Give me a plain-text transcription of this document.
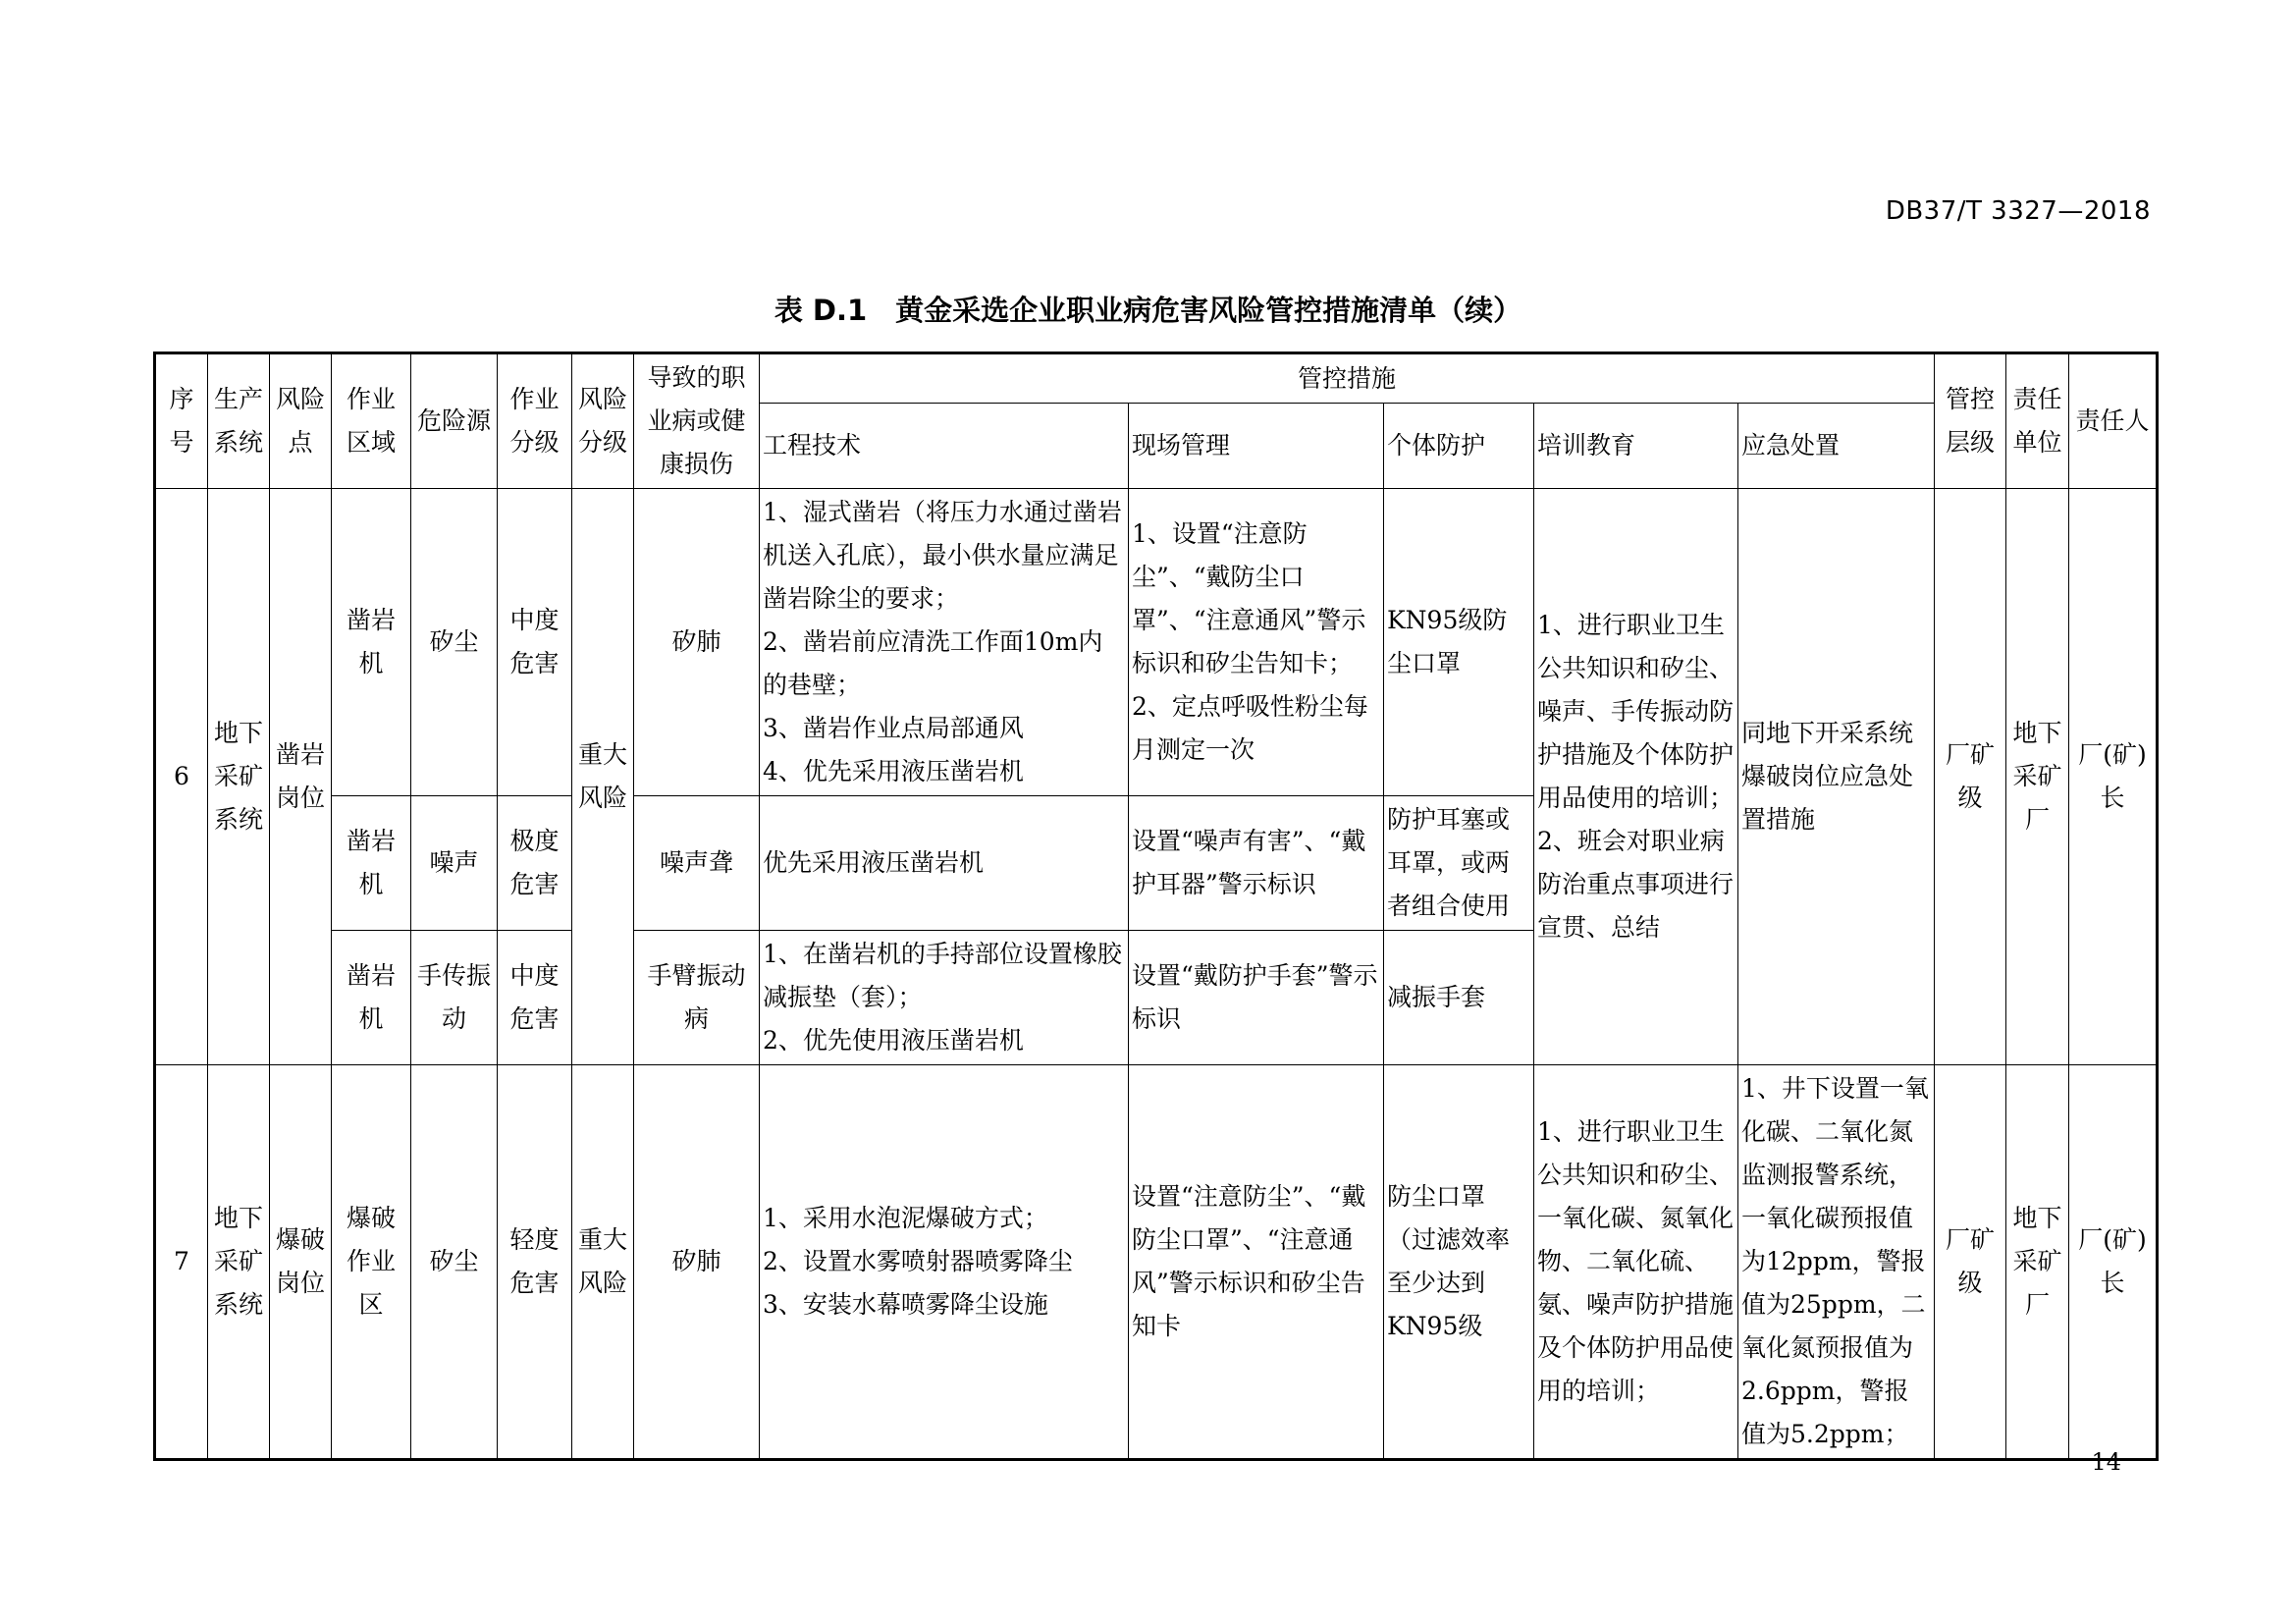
DB37/T 3327—2018
表 D.1　黄金采选企业职业病危害风险管控措施清单（续）
序号	生产系统	风险点	作业区域	危险源	作业分级	风险分级	导致的职业病或健康损伤	管控措施					管控层级	责任单位	责任人
								工程技术	现场管理	个体防护	培训教育	应急处置			
6	地下采矿系统	凿岩岗位	凿岩机	矽尘	中度危害	重大风险	矽肺	1、湿式凿岩（将压力水通过凿岩机送入孔底），最小供水量应满足凿岩除尘的要求；
2、凿岩前应清洗工作面10m内的巷壁；
3、凿岩作业点局部通风
4、优先采用液压凿岩机	1、设置“注意防尘”、“戴防尘口罩”、“注意通风”警示标识和矽尘告知卡；
2、定点呼吸性粉尘每月测定一次	KN95级防尘口罩	1、进行职业卫生公共知识和矽尘、噪声、手传振动防护措施及个体防护用品使用的培训；
2、班会对职业病防治重点事项进行宣贯、总结	同地下开采系统爆破岗位应急处置措施	厂矿级	地下采矿厂	厂(矿)长
			凿岩机	噪声	极度危害		噪声聋	优先采用液压凿岩机	设置“噪声有害”、“戴护耳器”警示标识	防护耳塞或耳罩，或两者组合使用					
			凿岩机	手传振动	中度危害		手臂振动病	1、在凿岩机的手持部位设置橡胶减振垫（套）；
2、优先使用液压凿岩机	设置“戴防护手套”警示标识	减振手套					
7	地下采矿系统	爆破岗位	爆破作业区	矽尘	轻度危害	重大风险	矽肺	1、采用水泡泥爆破方式；
2、设置水雾喷射器喷雾降尘
3、安装水幕喷雾降尘设施	设置“注意防尘”、“戴防尘口罩”、“注意通风”警示标识和矽尘告知卡	防尘口罩（过滤效率至少达到KN95级	1、进行职业卫生公共知识和矽尘、一氧化碳、氮氧化物、二氧化硫、氨、噪声防护措施及个体防护用品使用的培训；	1、井下设置一氧化碳、二氧化氮监测报警系统，一氧化碳预报值为12ppm，警报值为25ppm，二氧化氮预报值为2.6ppm，警报值为5.2ppm；	厂矿级	地下采矿厂	厂(矿)长
14
